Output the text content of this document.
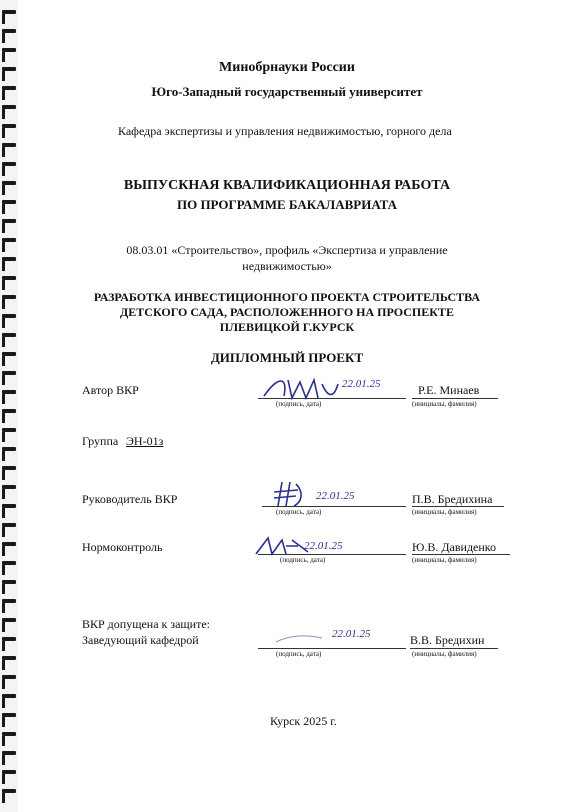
Минобрнауки России
Юго-Западный государственный университет
Кафедра экспертизы и управления недвижимостью, горного дела
ВЫПУСКНАЯ КВАЛИФИКАЦИОННАЯ РАБОТА
ПО ПРОГРАММЕ БАКАЛАВРИАТА
08.03.01 «Строительство», профиль «Экспертиза и управление
недвижимостью»
РАЗРАБОТКА ИНВЕСТИЦИОННОГО ПРОЕКТА СТРОИТЕЛЬСТВА
ДЕТСКОГО САДА, РАСПОЛОЖЕННОГО НА ПРОСПЕКТЕ
ПЛЕВИЦКОЙ Г.КУРСК
ДИПЛОМНЫЙ ПРОЕКТ
Автор ВКР	22.01.25	Р.Е. Минаев
(подпись, дата)	(инициалы, фамилия)
Группа ЭН-01з
Руководитель ВКР	22.01.25	П.В. Бредихина
(подпись, дата)	(инициалы, фамилия)
Нормоконтроль	22.01.25	Ю.В. Давиденко
(подпись, дата)	(инициалы, фамилия)
ВКР допущена к защите:
Заведующий кафедрой	22.01.25	В.В. Бредихин
(подпись, дата)	(инициалы, фамилия)
Курск 2025 г.
